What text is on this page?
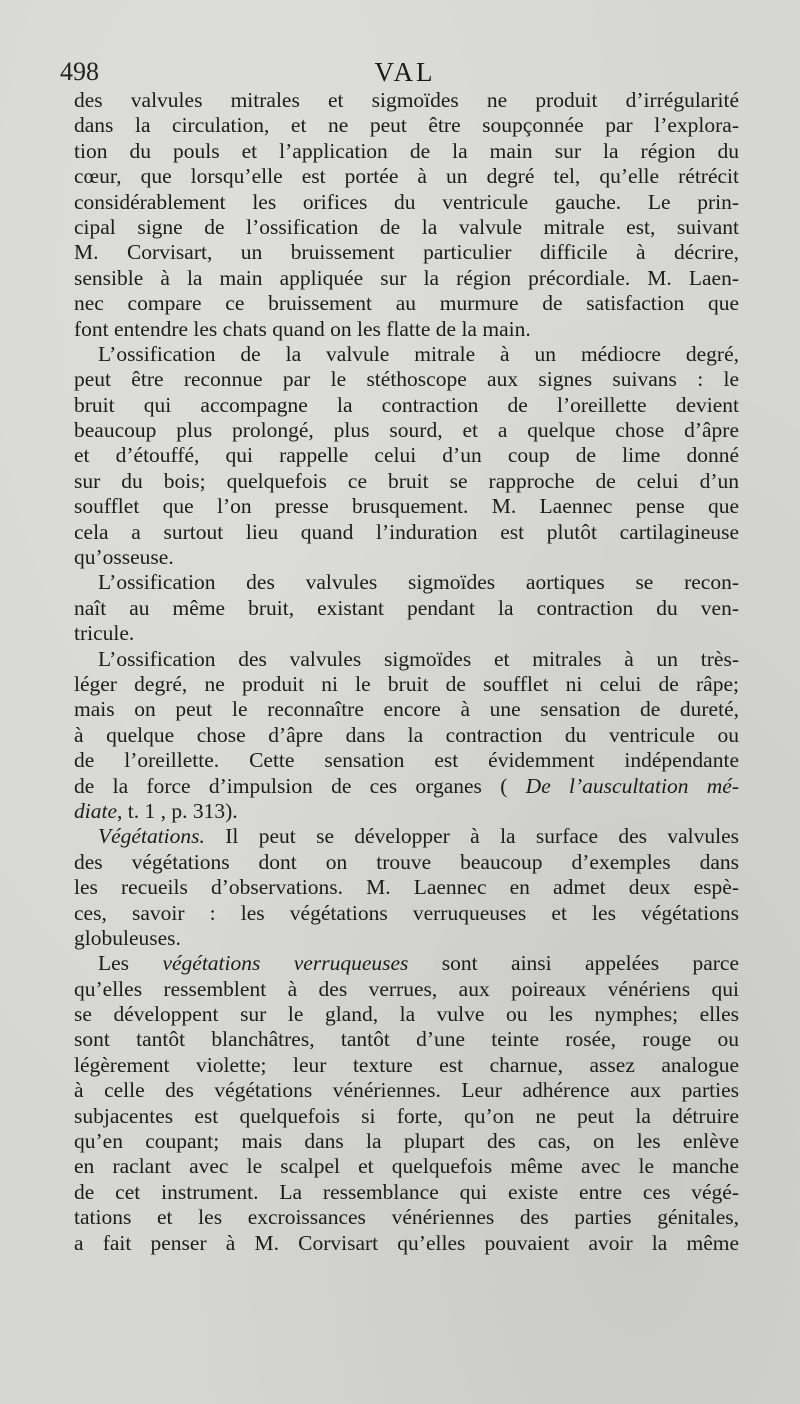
498	VAL
des valvules mitrales et sigmoïdes ne produit d’irrégularité
dans la circulation, et ne peut être soupçonnée par l’explora-
tion du pouls et l’application de la main sur la région du
cœur, que lorsqu’elle est portée à un degré tel, qu’elle rétrécit
considérablement les orifices du ventricule gauche. Le prin-
cipal signe de l’ossification de la valvule mitrale est, suivant
M. Corvisart, un bruissement particulier difficile à décrire,
sensible à la main appliquée sur la région précordiale. M. Laen-
nec compare ce bruissement au murmure de satisfaction que
font entendre les chats quand on les flatte de la main.
L’ossification de la valvule mitrale à un médiocre degré,
peut être reconnue par le stéthoscope aux signes suivans : le
bruit qui accompagne la contraction de l’oreillette devient
beaucoup plus prolongé, plus sourd, et a quelque chose d’âpre
et d’étouffé, qui rappelle celui d’un coup de lime donné
sur du bois; quelquefois ce bruit se rapproche de celui d’un
soufflet que l’on presse brusquement. M. Laennec pense que
cela a surtout lieu quand l’induration est plutôt cartilagineuse
qu’osseuse.
L’ossification des valvules sigmoïdes aortiques se recon-
naît au même bruit, existant pendant la contraction du ven-
tricule.
L’ossification des valvules sigmoïdes et mitrales à un très-
léger degré, ne produit ni le bruit de soufflet ni celui de râpe;
mais on peut le reconnaître encore à une sensation de dureté,
à quelque chose d’âpre dans la contraction du ventricule ou
de l’oreillette. Cette sensation est évidemment indépendante
de la force d’impulsion de ces organes ( De l’auscultation mé-
diate, t. 1 , p. 313).
Végétations. Il peut se développer à la surface des valvules
des végétations dont on trouve beaucoup d’exemples dans
les recueils d’observations. M. Laennec en admet deux espè-
ces, savoir : les végétations verruqueuses et les végétations
globuleuses.
Les végétations verruqueuses sont ainsi appelées parce
qu’elles ressemblent à des verrues, aux poireaux vénériens qui
se développent sur le gland, la vulve ou les nymphes; elles
sont tantôt blanchâtres, tantôt d’une teinte rosée, rouge ou
légèrement violette; leur texture est charnue, assez analogue
à celle des végétations vénériennes. Leur adhérence aux parties
subjacentes est quelquefois si forte, qu’on ne peut la détruire
qu’en coupant; mais dans la plupart des cas, on les enlève
en raclant avec le scalpel et quelquefois même avec le manche
de cet instrument. La ressemblance qui existe entre ces végé-
tations et les excroissances vénériennes des parties génitales,
a fait penser à M. Corvisart qu’elles pouvaient avoir la même
